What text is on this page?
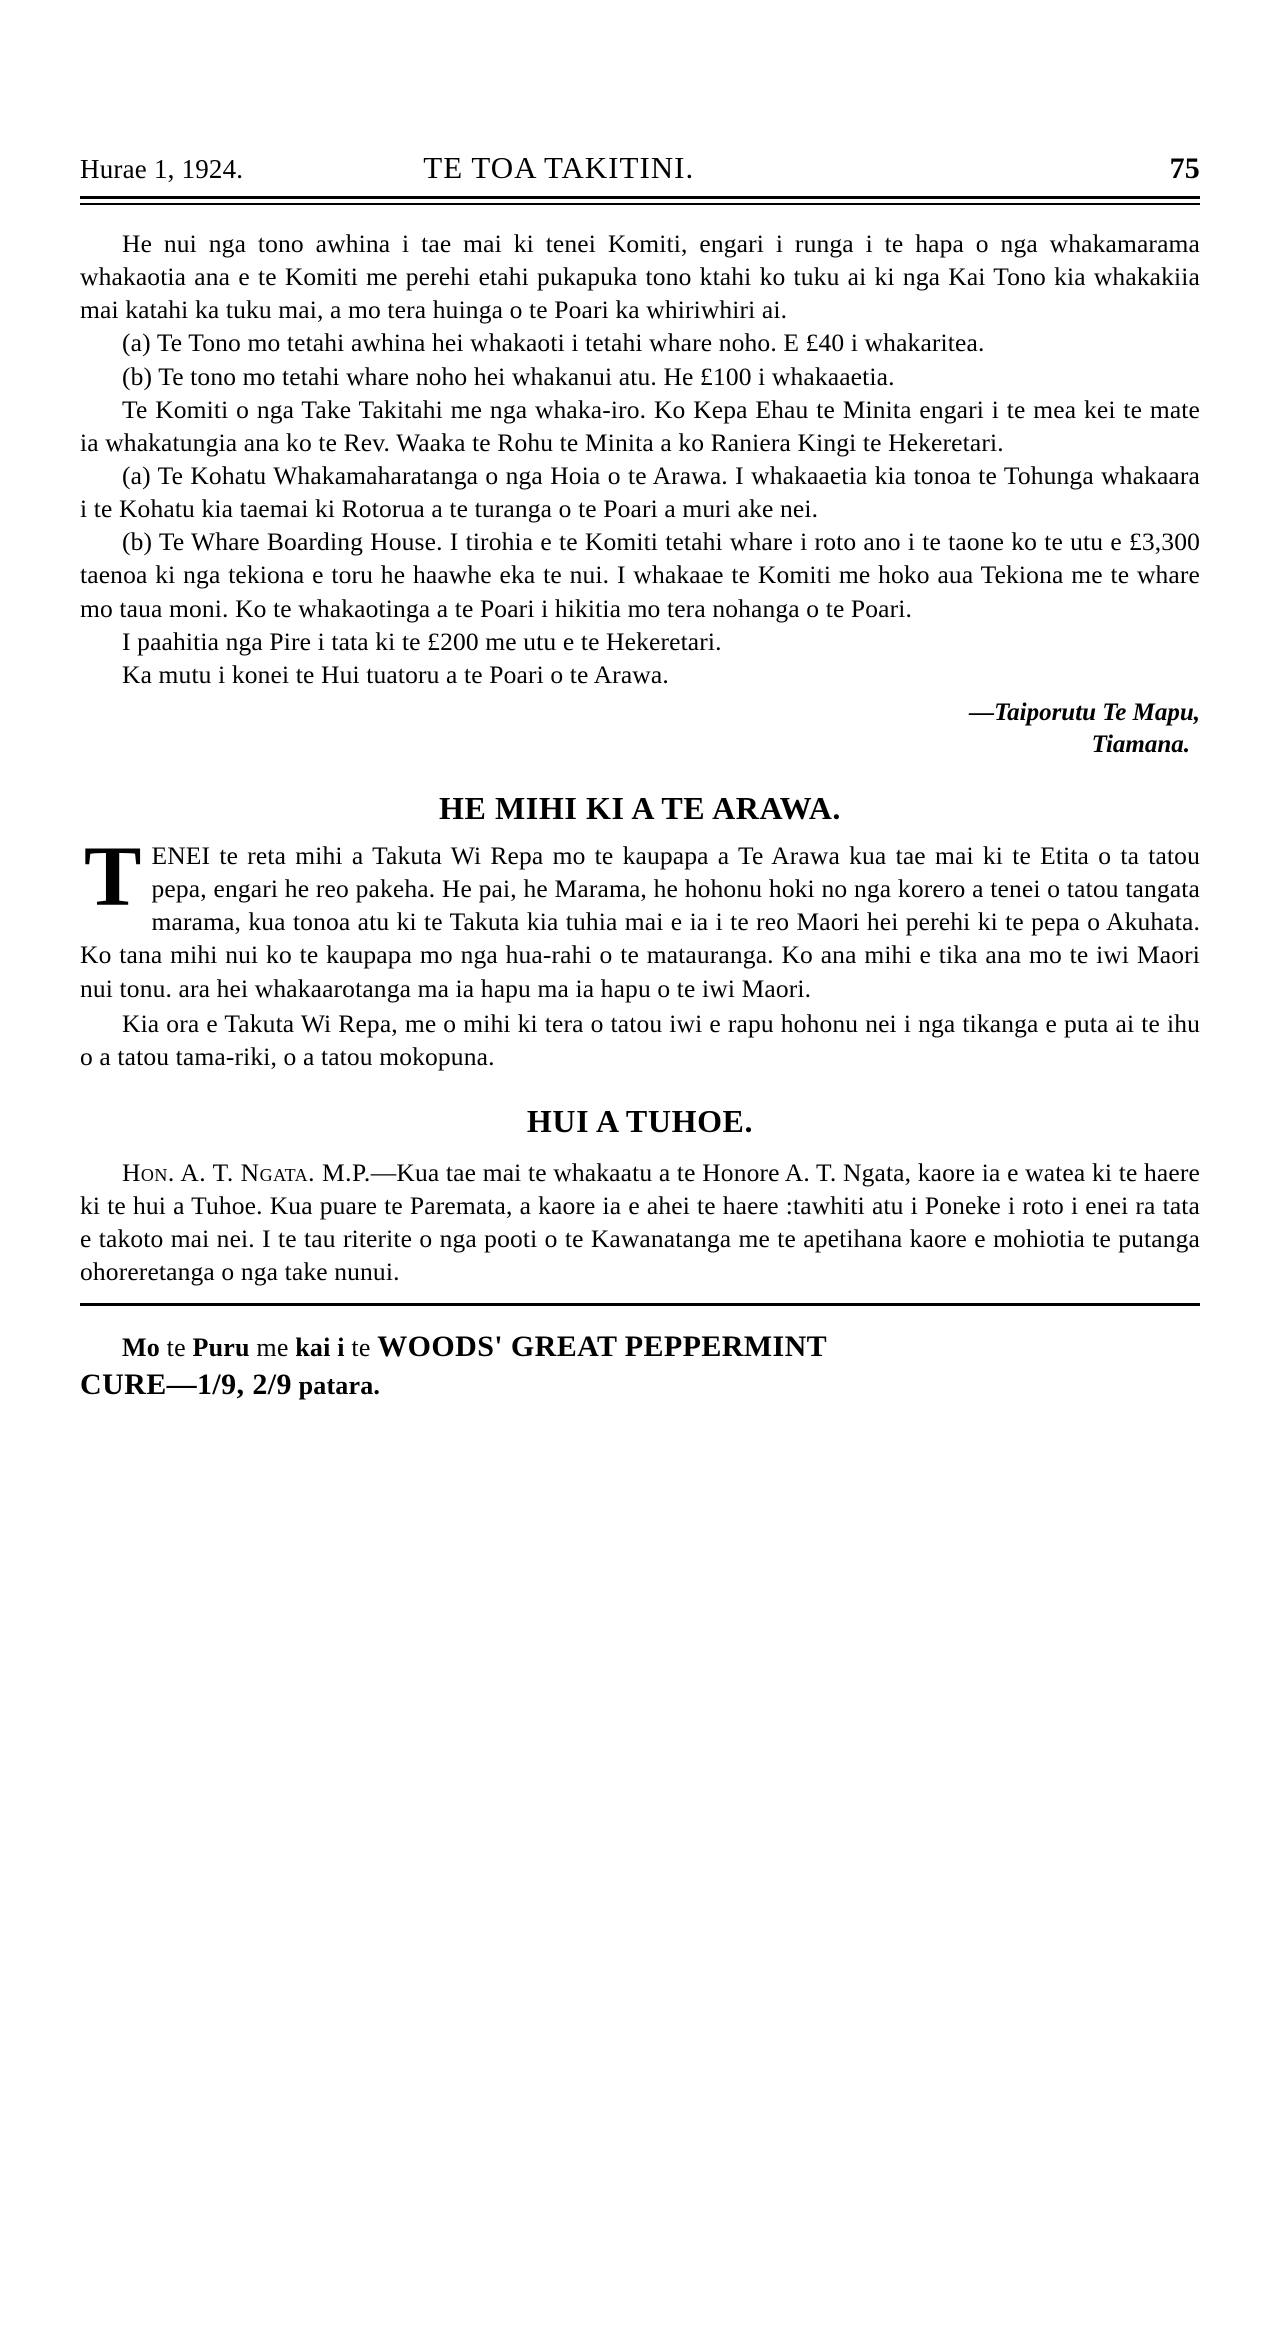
Hurae 1, 1924.	TE TOA TAKITINI.	75

He nui nga tono awhina i tae mai ki tenei Komiti, engari i runga i te hapa o nga whakamarama whakaotia ana e te Komiti me perehi etahi pukapuka tono ktahi ko tuku ai ki nga Kai Tono kia whakakiia mai katahi ka tuku mai, a mo tera huinga o te Poari ka whiriwhiri ai.

(a) Te Tono mo tetahi awhina hei whakaoti i tetahi whare noho. E £40 i whakaritea.

(b) Te tono mo tetahi whare noho hei whakanui atu. He £100 i whakaaetia.

Te Komiti o nga Take Takitahi me nga whaka-iro. Ko Kepa Ehau te Minita engari i te mea kei te mate ia whakatungia ana ko te Rev. Waaka te Rohu te Minita a ko Raniera Kingi te Hekeretari.

(a) Te Kohatu Whakamaharatanga o nga Hoia o te Arawa. I whakaaetia kia tonoa te Tohunga whakaara i te Kohatu kia taemai ki Rotorua a te turanga o te Poari a muri ake nei.

(b) Te Whare Boarding House. I tirohia e te Komiti tetahi whare i roto ano i te taone ko te utu e £3,300 taenoa ki nga tekiona e toru he haawhe eka te nui. I whakaae te Komiti me hoko aua Tekiona me te whare mo taua moni. Ko te whakaotinga a te Poari i hikitia mo tera nohanga o te Poari.

I paahitia nga Pire i tata ki te £200 me utu e te Hekeretari.

Ka mutu i konei te Hui tuatoru a te Poari o te Arawa.

—Taiporutu Te Mapu,
Tiamana.
HE MIHI KI A TE ARAWA.
T ENEI te reta mihi a Takuta Wi Repa mo te kaupapa a Te Arawa kua tae mai ki te Etita o ta tatou pepa, engari he reo pakeha. He pai, he Marama, he hohonu hoki no nga korero a tenei o tatou tangata marama, kua tonoa atu ki te Takuta kia tuhia mai e ia i te reo Maori hei perehi ki te pepa o Akuhata. Ko tana mihi nui ko te kaupapa mo nga hua-rahi o te matauranga. Ko ana mihi e tika ana mo te iwi Maori nui tonu. ara hei whakaarotanga ma ia hapu ma ia hapu o te iwi Maori.

Kia ora e Takuta Wi Repa, me o mihi ki tera o tatou iwi e rapu hohonu nei i nga tikanga e puta ai te ihu o a tatou tama-riki, o a tatou mokopuna.

HUI A TUHOE.

Hon. A. T. Ngata. M.P.—Kua tae mai te whakaatu a te Honore A. T. Ngata, kaore ia e watea ki te haere ki te hui a Tuhoe. Kua puare te Paremata, a kaore ia e ahei te haere :tawhiti atu i Poneke i roto i enei ra tata e takoto mai nei. I te tau riterite o nga pooti o te Kawanatanga me te apetihana kaore e mohiotia te putanga ohoreretanga o nga take nunui.

Mo te Puru me kai i te WOODS' GREAT PEPPERMINT
CURE—1/9, 2/9 patara.
